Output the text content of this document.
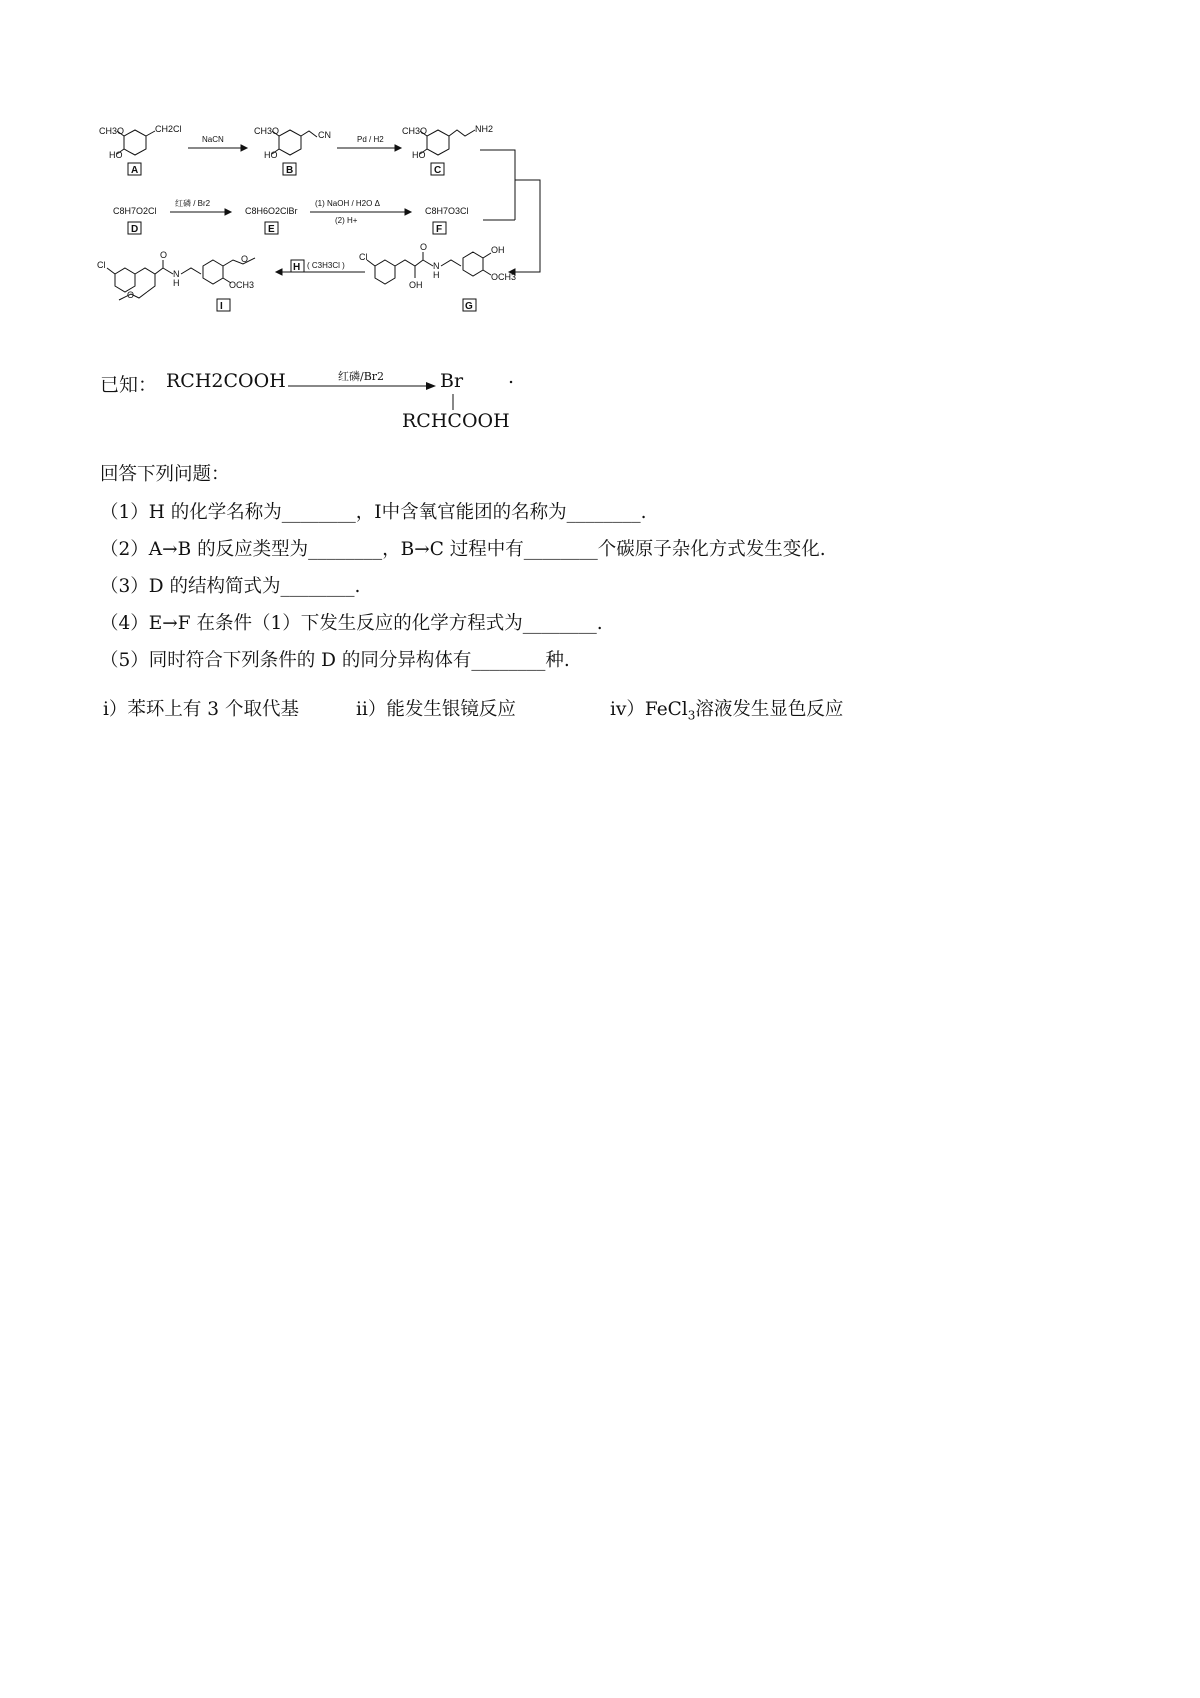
CH3O	CH2Cl
HO
A
NaCN
CH3O	CN
HO
B
Pd / H2
CH3O	NH2
HO
C
C8H7O2Cl
D
红磷 / Br2
C8H6O2ClBr
E
(1) NaOH / H2O Δ
(2) H+
C8H7O3Cl
F
Cl
O
O
N
H
O
OCH3
I
H ( C3H3Cl )
Cl
O
OH
N
H
OH
OCH3
G
已知： RCH2COOH	红磷/Br2	Br
RCHCOOH
.
回答下列问题：
（1）H 的化学名称为________，Ⅰ中含氧官能团的名称为________.
（2）A→B 的反应类型为________，B→C 过程中有________个碳原子杂化方式发生变化.
（3）D 的结构简式为________.
（4）E→F 在条件（1）下发生反应的化学方程式为________.
（5）同时符合下列条件的 D 的同分异构体有________种.
ⅰ）苯环上有 3 个取代基	ⅱ）能发生银镜反应	ⅳ）FeCl$_3$溶液发生显色反应
